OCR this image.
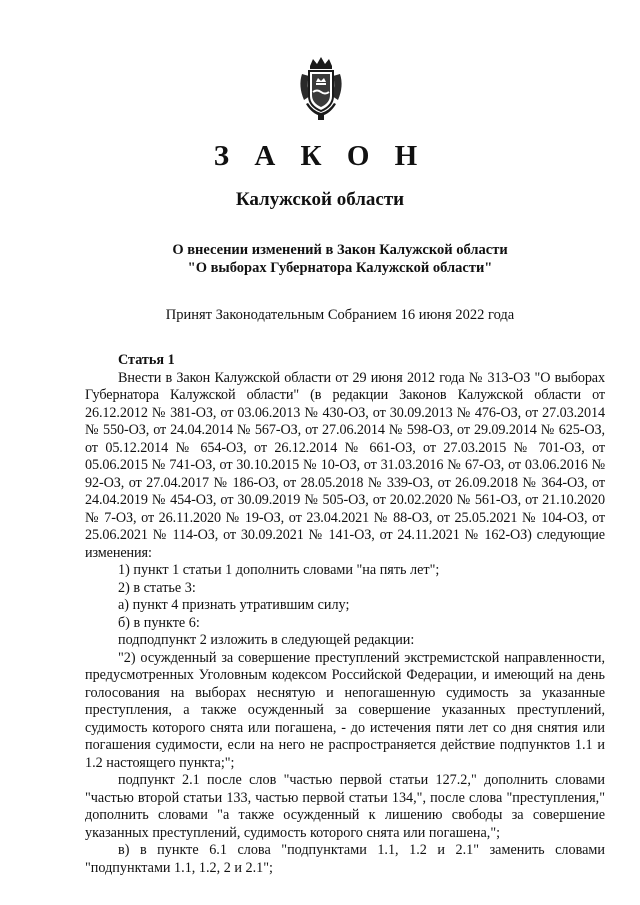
З А К О Н
Калужской области
О внесении изменений в Закон Калужской области
"О выборах Губернатора Калужской области"
Принят Законодательным Собранием 16 июня 2022 года
Статья 1

Внести в Закон Калужской области от 29 июня 2012 года № 313-ОЗ "О выборах Губернатора Калужской области" (в редакции Законов Калужской области от 26.12.2012 № 381-ОЗ, от 03.06.2013 № 430-ОЗ, от 30.09.2013 № 476-ОЗ, от 27.03.2014 № 550-ОЗ, от 24.04.2014 № 567-ОЗ, от 27.06.2014 № 598-ОЗ, от 29.09.2014 № 625-ОЗ, от 05.12.2014 № 654-ОЗ, от 26.12.2014 № 661-ОЗ, от 27.03.2015 № 701-ОЗ, от 05.06.2015 № 741-ОЗ, от 30.10.2015 № 10-ОЗ, от 31.03.2016 № 67-ОЗ, от 03.06.2016 № 92-ОЗ, от 27.04.2017 № 186-ОЗ, от 28.05.2018 № 339-ОЗ, от 26.09.2018 № 364-ОЗ, от 24.04.2019 № 454-ОЗ, от 30.09.2019 № 505-ОЗ, от 20.02.2020 № 561-ОЗ, от 21.10.2020 № 7-ОЗ, от 26.11.2020 № 19-ОЗ, от 23.04.2021 № 88-ОЗ, от 25.05.2021 № 104-ОЗ, от 25.06.2021 № 114-ОЗ, от 30.09.2021 № 141-ОЗ, от 24.11.2021 № 162-ОЗ) следующие изменения:

1) пункт 1 статьи 1 дополнить словами "на пять лет";

2) в статье 3:

а) пункт 4 признать утратившим силу;

б) в пункте 6:

подподпункт 2 изложить в следующей редакции:

"2) осужденный за совершение преступлений экстремистской направленности, предусмотренных Уголовным кодексом Российской Федерации, и имеющий на день голосования на выборах неснятую и непогашенную судимость за указанные преступления, а также осужденный за совершение указанных преступлений, судимость которого снята или погашена, - до истечения пяти лет со дня снятия или погашения судимости, если на него не распространяется действие подпунктов 1.1 и 1.2 настоящего пункта;";

подпункт 2.1 после слов "частью первой статьи 127.2," дополнить словами "частью второй статьи 133, частью первой статьи 134,", после слова "преступления," дополнить словами "а также осужденный к лишению свободы за совершение указанных преступлений, судимость которого снята или погашена,";

в) в пункте 6.1 слова "подпунктами 1.1, 1.2 и 2.1" заменить словами "подпунктами 1.1, 1.2, 2 и 2.1";
